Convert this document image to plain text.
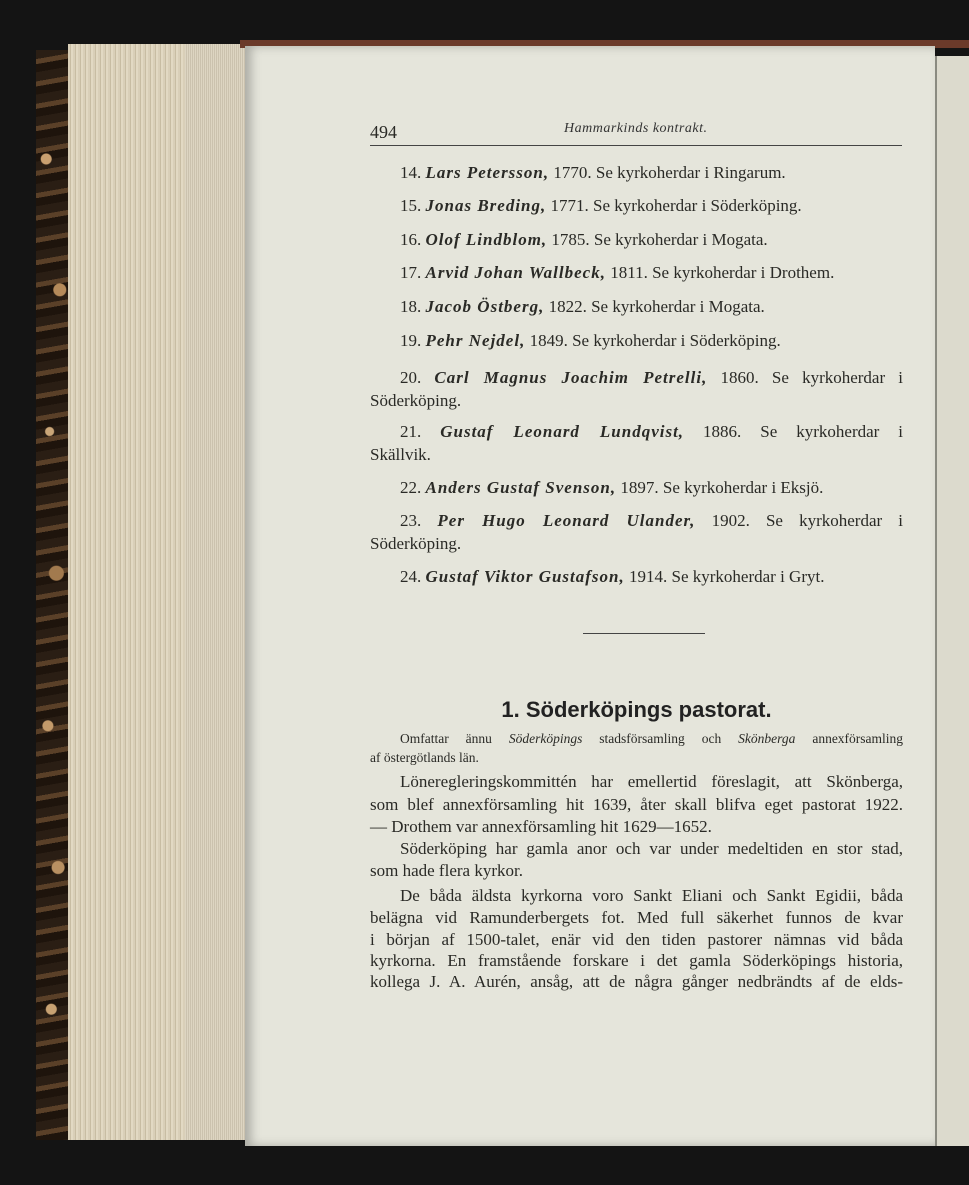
494	Hammarkinds kontrakt.
14. Lars Petersson, 1770. Se kyrkoherdar i Ringarum.
15. Jonas Breding, 1771. Se kyrkoherdar i Söderköping.
16. Olof Lindblom, 1785. Se kyrkoherdar i Mogata.
17. Arvid Johan Wallbeck, 1811. Se kyrkoherdar i Drothem.
18. Jacob Östberg, 1822. Se kyrkoherdar i Mogata.
19. Pehr Nejdel, 1849. Se kyrkoherdar i Söderköping.
20. Carl Magnus Joachim Petrelli, 1860. Se kyrkoherdar i
Söderköping.
21. Gustaf Leonard Lundqvist, 1886. Se kyrkoherdar i
Skällvik.
22. Anders Gustaf Svenson, 1897. Se kyrkoherdar i Eksjö.
23. Per Hugo Leonard Ulander, 1902. Se kyrkoherdar i
Söderköping.
24. Gustaf Viktor Gustafson, 1914. Se kyrkoherdar i Gryt.
1. Söderköpings pastorat.
Omfattar ännu Söderköpings stadsförsamling och Skönberga annexförsamling
af östergötlands län.
Löneregleringskommittén har emellertid föreslagit, att Skönberga,
som blef annexförsamling hit 1639, åter skall blifva eget pastorat 1922.
— Drothem var annexförsamling hit 1629—1652.
Söderköping har gamla anor och var under medeltiden en stor stad,
som hade flera kyrkor.
De båda äldsta kyrkorna voro Sankt Eliani och Sankt Egidii, båda
belägna vid Ramunderbergets fot. Med full säkerhet funnos de kvar
i början af 1500-talet, enär vid den tiden pastorer nämnas vid båda
kyrkorna. En framstående forskare i det gamla Söderköpings historia,
kollega J. A. Aurén, ansåg, att de några gånger nedbrändts af de elds-
